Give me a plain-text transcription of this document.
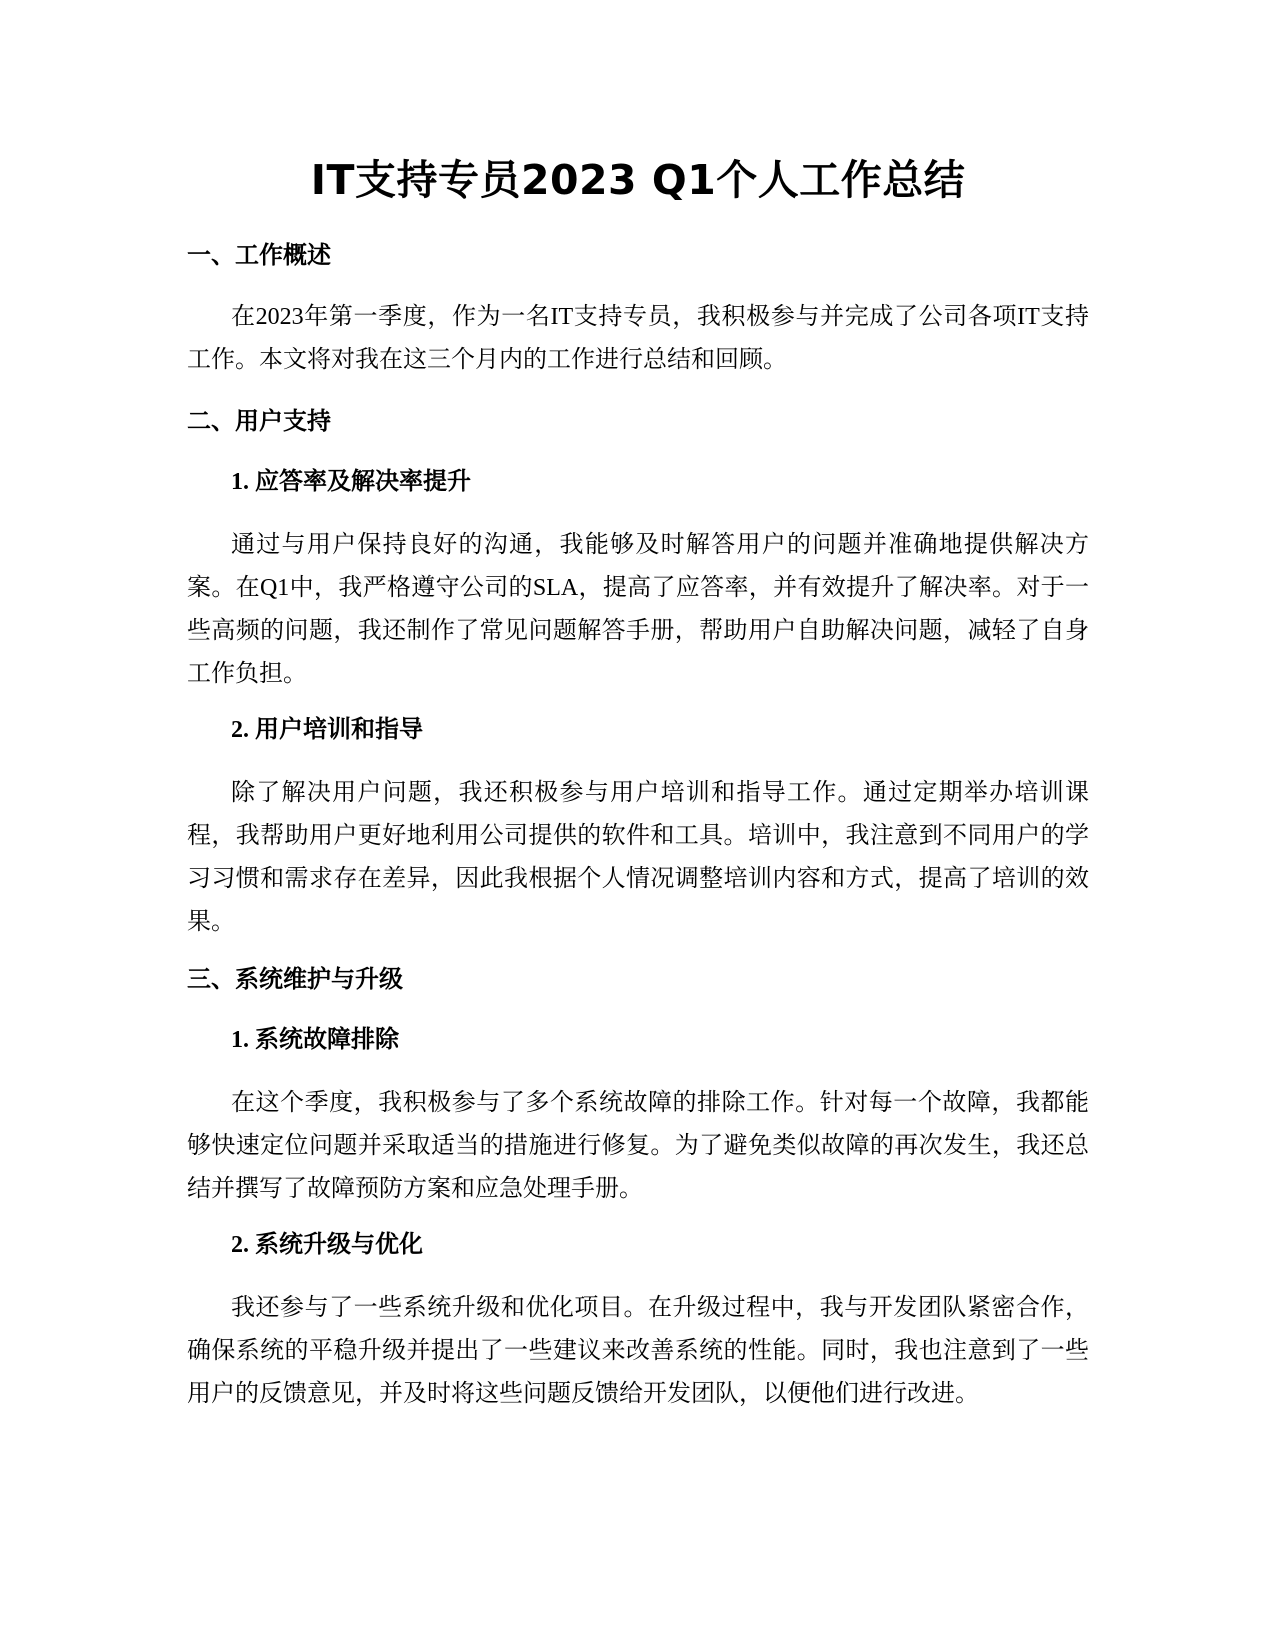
IT支持专员2023 Q1个人工作总结
一、工作概述

在2023年第一季度，作为一名IT支持专员，我积极参与并完成了公司各项IT支持工作。本文将对我在这三个月内的工作进行总结和回顾。

二、用户支持
1. 应答率及解决率提升

通过与用户保持良好的沟通，我能够及时解答用户的问题并准确地提供解决方案。在Q1中，我严格遵守公司的SLA，提高了应答率，并有效提升了解决率。对于一些高频的问题，我还制作了常见问题解答手册，帮助用户自助解决问题，减轻了自身工作负担。

2. 用户培训和指导

除了解决用户问题，我还积极参与用户培训和指导工作。通过定期举办培训课程，我帮助用户更好地利用公司提供的软件和工具。培训中，我注意到不同用户的学习习惯和需求存在差异，因此我根据个人情况调整培训内容和方式，提高了培训的效果。

三、系统维护与升级
1. 系统故障排除

在这个季度，我积极参与了多个系统故障的排除工作。针对每一个故障，我都能够快速定位问题并采取适当的措施进行修复。为了避免类似故障的再次发生，我还总结并撰写了故障预防方案和应急处理手册。

2. 系统升级与优化

我还参与了一些系统升级和优化项目。在升级过程中，我与开发团队紧密合作，确保系统的平稳升级并提出了一些建议来改善系统的性能。同时，我也注意到了一些用户的反馈意见，并及时将这些问题反馈给开发团队，以便他们进行改进。
